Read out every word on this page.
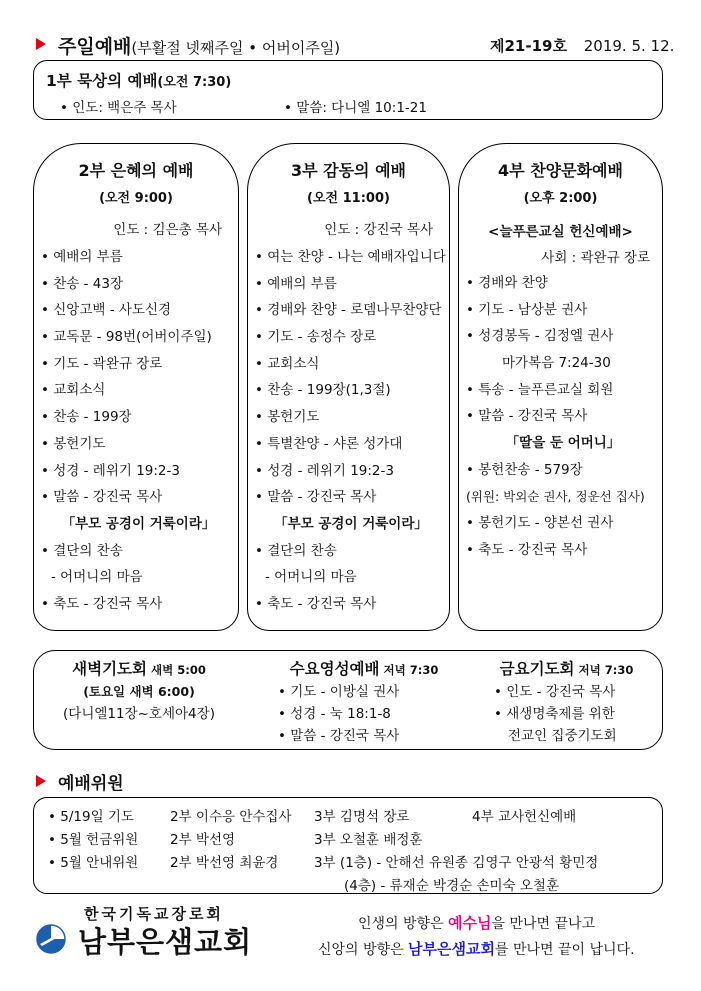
주일예배(부활절 넷째주일 • 어버이주일)	제21-19호 2019. 5. 12.
1부 묵상의 예배(오전 7:30)
• 인도: 백은주 목사	• 말씀: 다니엘 10:1-21
2부 은혜의 예배
(오전 9:00)
인도 : 김은총 목사
• 예배의 부름
• 찬송 - 43장
• 신앙고백 - 사도신경
• 교독문 - 98번(어버이주일)
• 기도 - 곽완규 장로
• 교회소식
• 찬송 - 199장
• 봉헌기도
• 성경 - 레위기 19:2-3
• 말씀 - 강진국 목사
「부모 공경이 거룩이라」
• 결단의 찬송
- 어머니의 마음
• 축도 - 강진국 목사
3부 감동의 예배
(오전 11:00)
인도 : 강진국 목사
• 여는 찬양 - 나는 예배자입니다
• 예배의 부름
• 경배와 찬양 - 로뎀나무찬양단
• 기도 - 송정수 장로
• 교회소식
• 찬송 - 199장(1,3절)
• 봉헌기도
• 특별찬양 - 샤론 성가대
• 성경 - 레위기 19:2-3
• 말씀 - 강진국 목사
「부모 공경이 거룩이라」
• 결단의 찬송
- 어머니의 마음
• 축도 - 강진국 목사
4부 찬양문화예배
(오후 2:00)
<늘푸른교실 헌신예배>
사회 : 곽완규 장로
• 경배와 찬양
• 기도 - 남상분 권사
• 성경봉독 - 김정엘 권사
마가복음 7:24-30
• 특송 - 늘푸른교실 회원
• 말씀 - 강진국 목사
「딸을 둔 어머니」
• 봉헌찬송 - 579장
(위원: 박외순 권사, 정운선 집사)
• 봉헌기도 - 양본선 권사
• 축도 - 강진국 목사
새벽기도회 새벽 5:00
(토요일 새벽 6:00)
(다니엘11장~호세아4장)
수요영성예배 저녁 7:30
• 기도 - 이방실 권사
• 성경 - 눅 18:1-8
• 말씀 - 강진국 목사
금요기도회 저녁 7:30
• 인도 - 강진국 목사
• 새생명축제를 위한
전교인 집중기도회
예배위원
• 5/19일 기도	2부 이수응 안수집사 3부 김명석 장로	4부 교사헌신예배
• 5월 헌금위원 2부 박선영	3부 오철훈 배정훈
• 5월 안내위원 2부 박선영 최윤경	3부 (1층) - 안해선 유원종 김영구 안광석 황민정
(4층) - 류재순 박경순 손미숙 오철훈
한국기독교장로회
남부은샘교회
인생의 방향은 예수님을 만나면 끝나고
신앙의 방향은 남부은샘교회를 만나면 끝이 납니다.
